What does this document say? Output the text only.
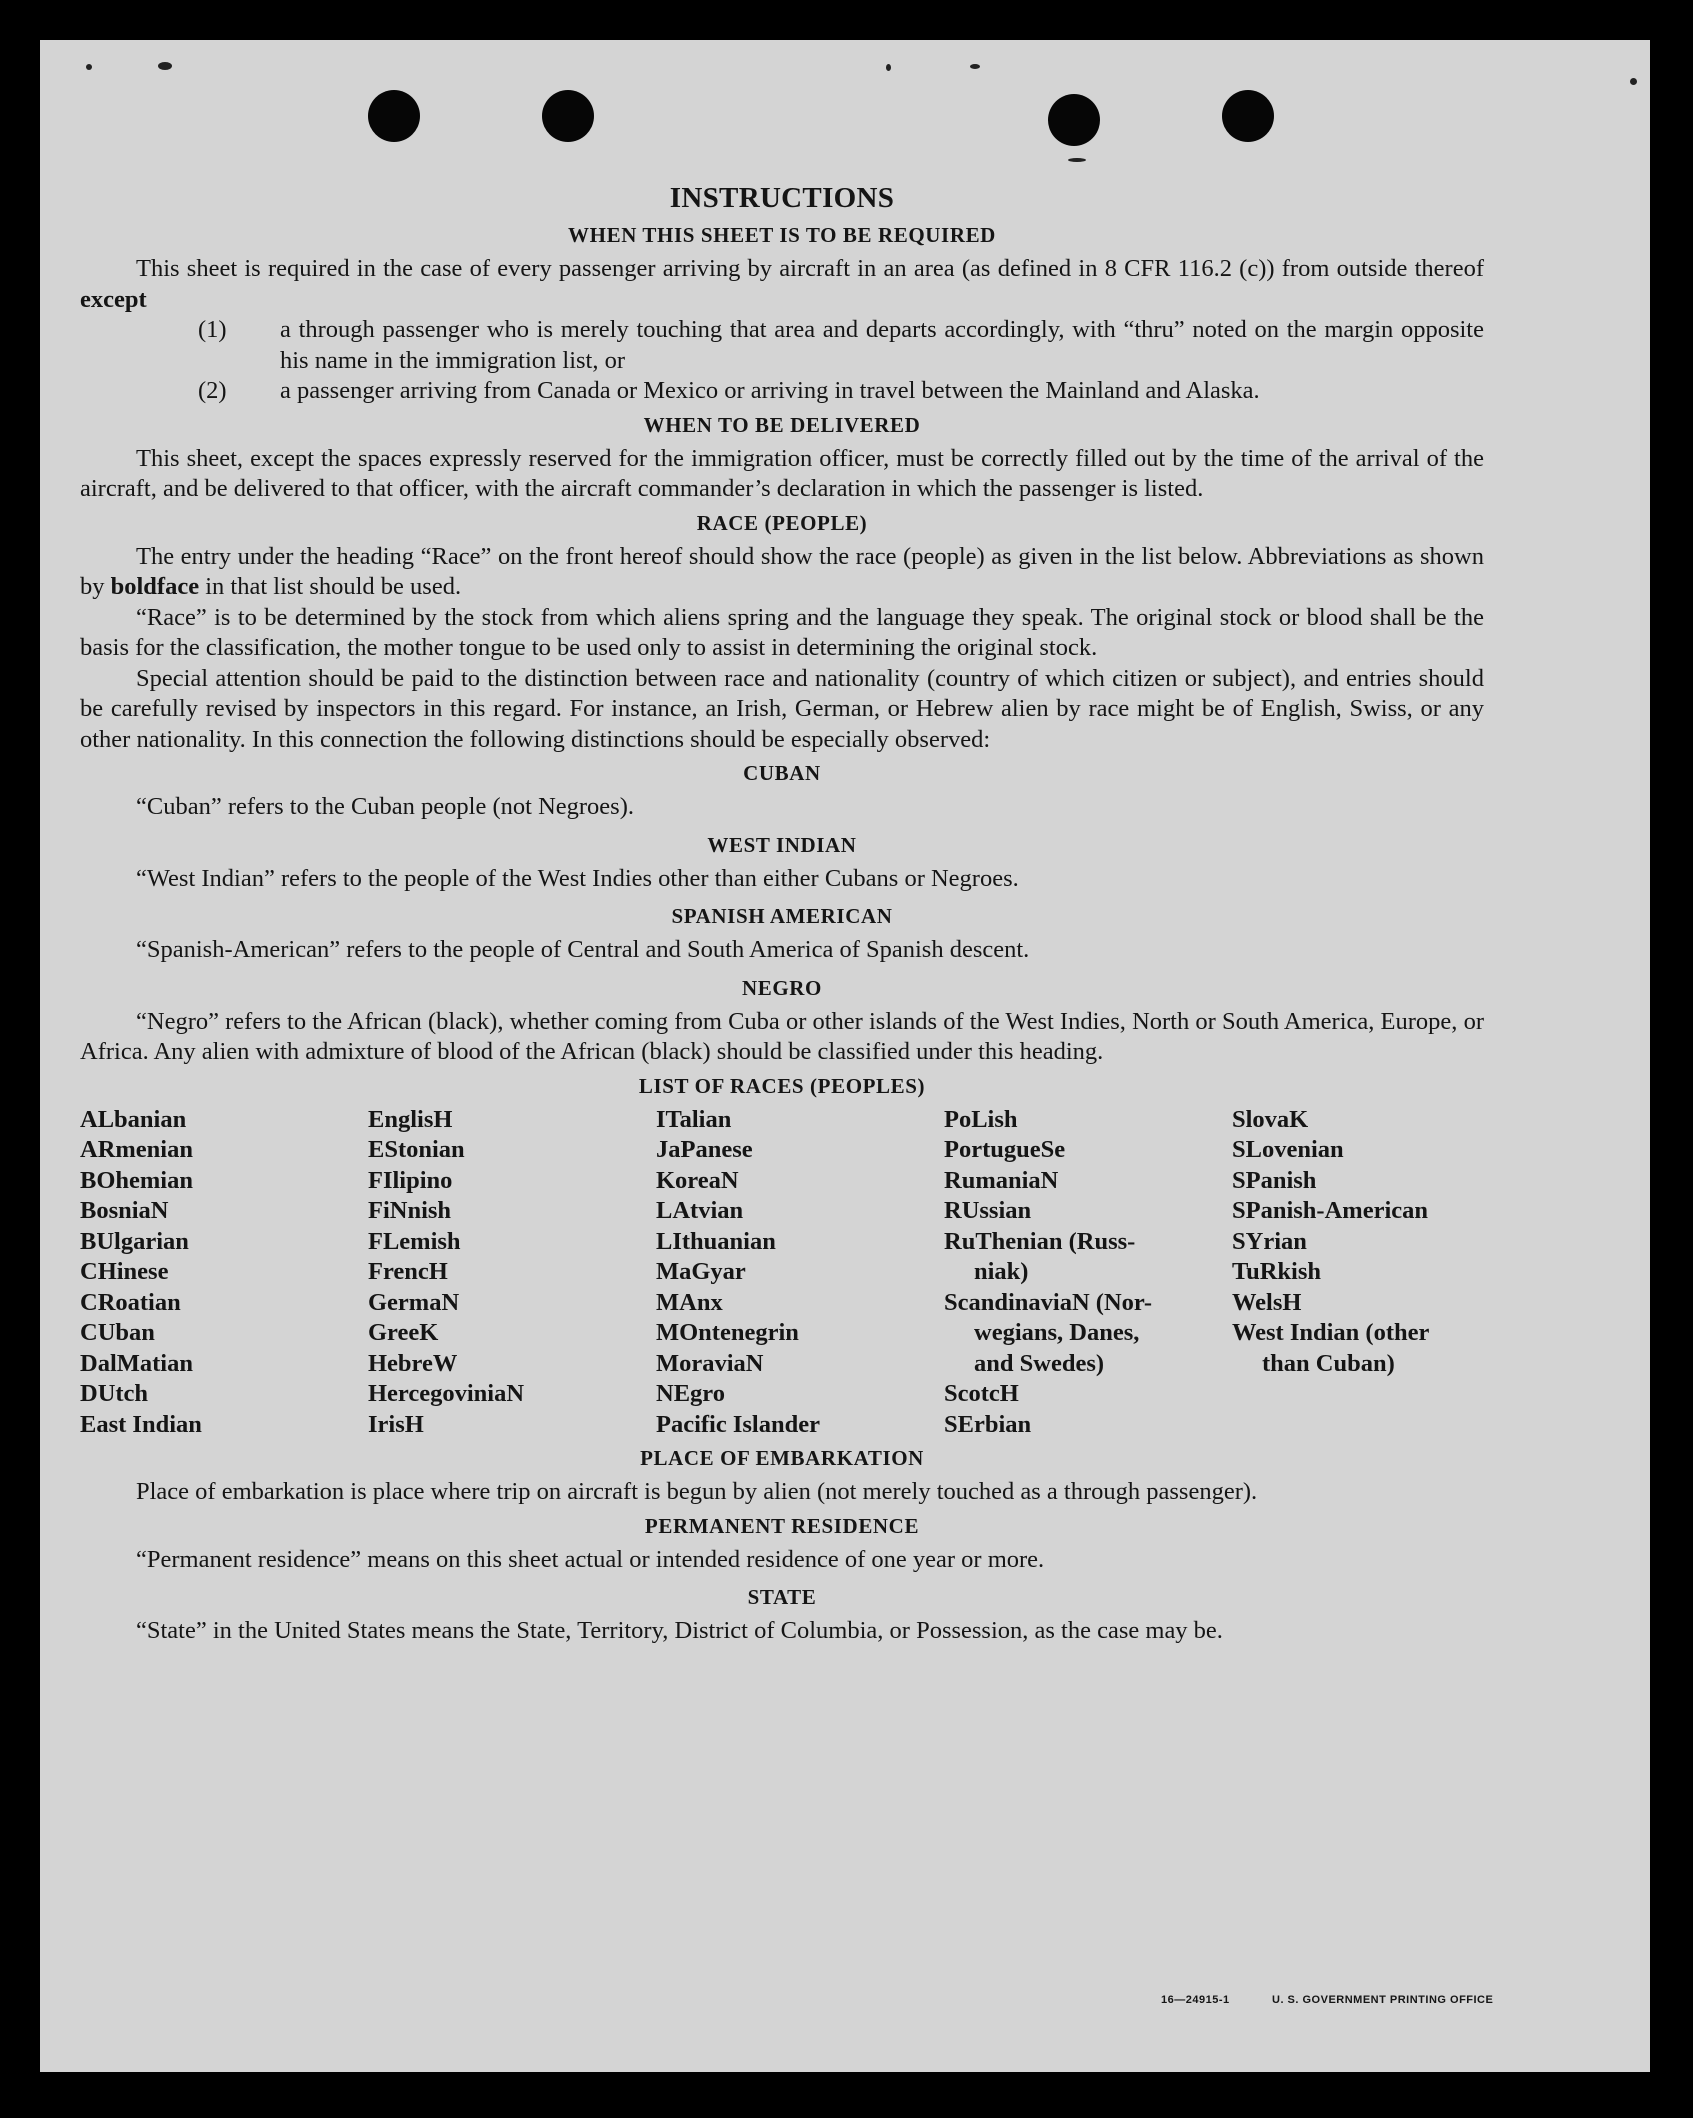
INSTRUCTIONS
WHEN THIS SHEET IS TO BE REQUIRED

This sheet is required in the case of every passenger arriving by aircraft in an area (as defined in 8 CFR 116.2 (c)) from outside thereof except

(1)	a through passenger who is merely touching that area and departs accordingly, with “thru” noted on the margin opposite his name in the immigration list, or
(2)	a passenger arriving from Canada or Mexico or arriving in travel between the Mainland and Alaska.
WHEN TO BE DELIVERED

This sheet, except the spaces expressly reserved for the immigration officer, must be correctly filled out by the time of the arrival of the aircraft, and be delivered to that officer, with the aircraft commander’s declaration in which the passenger is listed.

RACE (PEOPLE)

The entry under the heading “Race” on the front hereof should show the race (people) as given in the list below. Abbreviations as shown by boldface in that list should be used.

“Race” is to be determined by the stock from which aliens spring and the language they speak. The original stock or blood shall be the basis for the classification, the mother tongue to be used only to assist in determining the original stock.

Special attention should be paid to the distinction between race and nationality (country of which citizen or subject), and entries should be carefully revised by inspectors in this regard. For instance, an Irish, German, or Hebrew alien by race might be of English, Swiss, or any other nationality. In this connection the following distinctions should be especially observed:

CUBAN

“Cuban” refers to the Cuban people (not Negroes).

WEST INDIAN

“West Indian” refers to the people of the West Indies other than either Cubans or Negroes.

SPANISH AMERICAN

“Spanish-American” refers to the people of Central and South America of Spanish descent.

NEGRO

“Negro” refers to the African (black), whether coming from Cuba or other islands of the West Indies, North or South America, Europe, or Africa. Any alien with admixture of blood of the African (black) should be classified under this heading.

LIST OF RACES (PEOPLES)
ALbanian
ARmenian
BOhemian
BosniaN
BUlgarian
CHinese
CRoatian
CUban
DalMatian
DUtch
East Indian
EnglisH
EStonian
FIlipino
FiNnish
FLemish
FrencH
GermaN
GreeK
HebreW
HercegoviniaN
IrisH
ITalian
JaPanese
KoreaN
LAtvian
LIthuanian
MaGyar
MAnx
MOntenegrin
MoraviaN
NEgro
Pacific Islander
PoLish
PortugueSe
RumaniaN
RUssian
RuThenian (Russ-
niak)
ScandinaviaN (Nor-
wegians, Danes,
and Swedes)
ScotcH
SErbian
SlovaK
SLovenian
SPanish
SPanish-American
SYrian
TuRkish
WelsH
West Indian (other
than Cuban)
PLACE OF EMBARKATION

Place of embarkation is place where trip on aircraft is begun by alien (not merely touched as a through passenger).

PERMANENT RESIDENCE

“Permanent residence” means on this sheet actual or intended residence of one year or more.

STATE

“State” in the United States means the State, Territory, District of Columbia, or Possession, as the case may be.

16—24915-1	U. S. GOVERNMENT PRINTING OFFICE
